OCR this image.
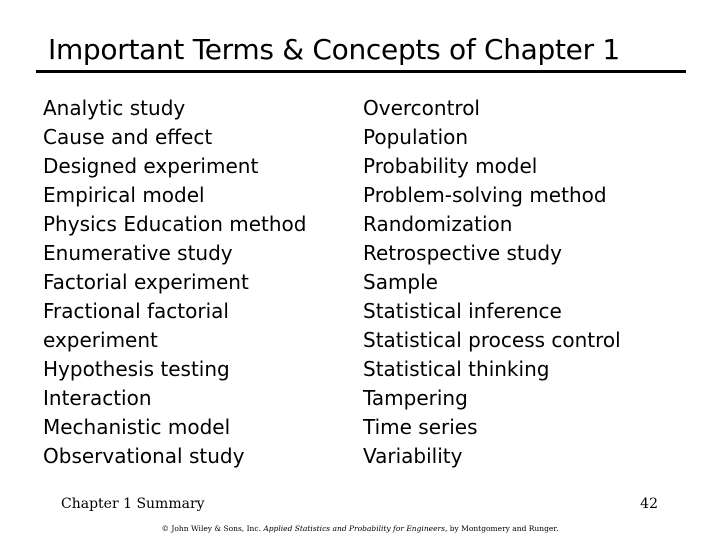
Important Terms & Concepts of Chapter 1
Analytic study
Cause and effect
Designed experiment
Empirical model
Physics Education method
Enumerative study
Factorial experiment
Fractional factorial
experiment
Hypothesis testing
Interaction
Mechanistic model
Observational study
Overcontrol
Population
Probability model
Problem-solving method
Randomization
Retrospective study
Sample
Statistical inference
Statistical process control
Statistical thinking
Tampering
Time series
Variability
Chapter 1 Summary	42
© John Wiley & Sons, Inc. Applied Statistics and Probability for Engineers, by Montgomery and Runger.
